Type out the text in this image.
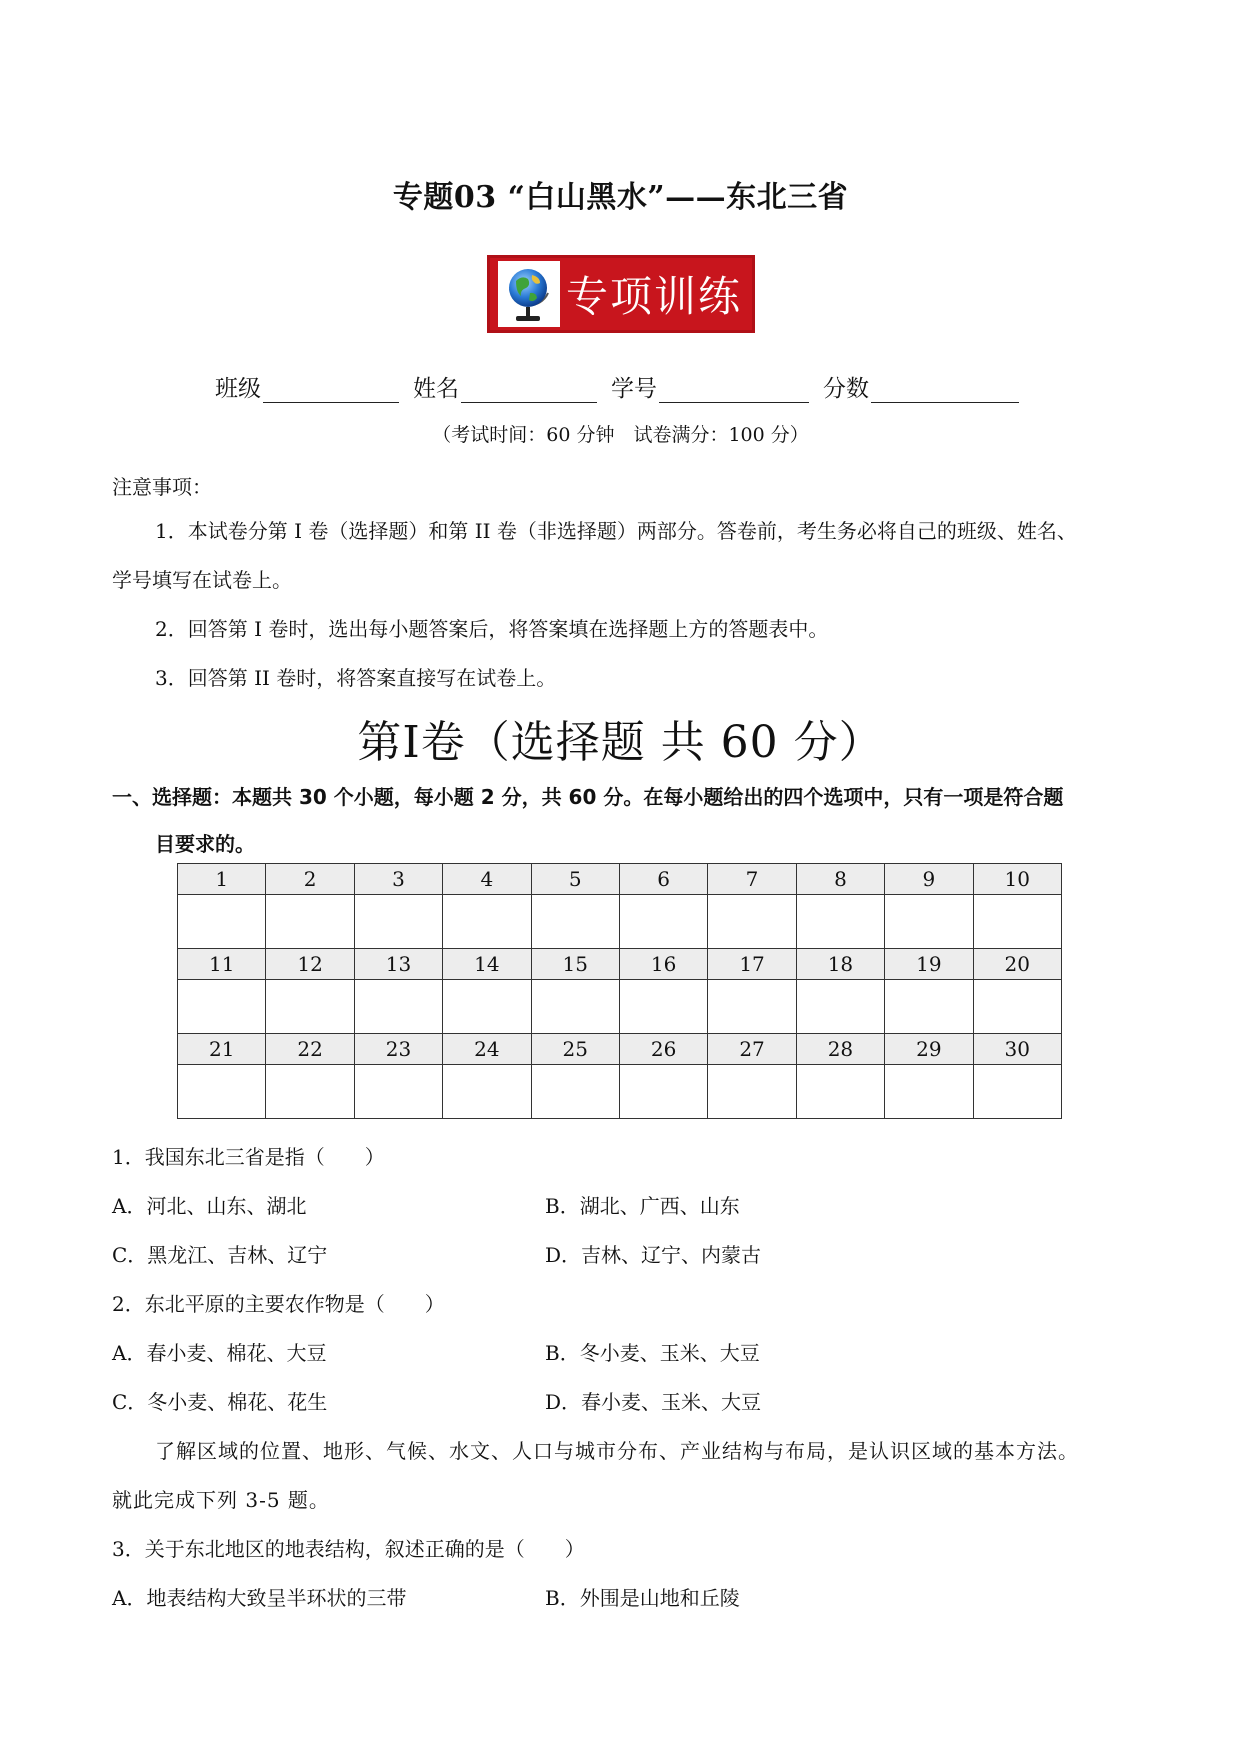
专题03 “白山黑水”——东北三省
专项训练
班级	姓名	学号	分数
（考试时间：60 分钟　试卷满分：100 分）
注意事项：
1．本试卷分第 I 卷（选择题）和第 II 卷（非选择题）两部分。答卷前，考生务必将自己的班级、姓名、
学号填写在试卷上。
2．回答第 I 卷时，选出每小题答案后，将答案填在选择题上方的答题表中。
3．回答第 II 卷时，将答案直接写在试卷上。
第Ⅰ卷（选择题 共 60 分）
一、选择题：本题共 30 个小题，每小题 2 分，共 60 分。在每小题给出的四个选项中，只有一项是符合题
目要求的。
1	2	3	4	5	6	7	8	9	10

11	12	13	14	15	16	17	18	19	20

21	22	23	24	25	26	27	28	29	30

1．我国东北三省是指（　　）
A．河北、山东、湖北	B．湖北、广西、山东
C．黑龙江、吉林、辽宁	D．吉林、辽宁、内蒙古
2．东北平原的主要农作物是（　　）
A．春小麦、棉花、大豆	B．冬小麦、玉米、大豆
C．冬小麦、棉花、花生	D．春小麦、玉米、大豆
了解区域的位置、地形、气候、水文、人口与城市分布、产业结构与布局，是认识区域的基本方法。
就此完成下列 3-5 题。
3．关于东北地区的地表结构，叙述正确的是（　　）
A．地表结构大致呈半环状的三带	B．外围是山地和丘陵
